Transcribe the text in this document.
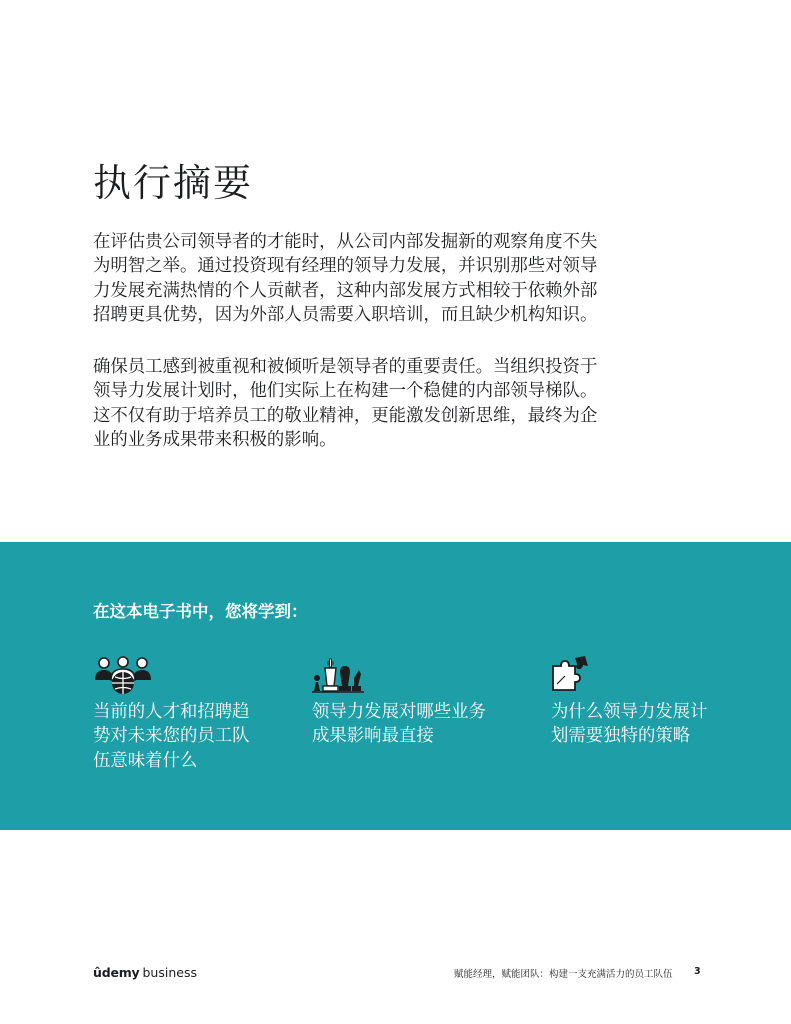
执行摘要

在评估贵公司领导者的才能时，从公司内部发掘新的观察角度不失为明智之举。通过投资现有经理的领导力发展，并识别那些对领导力发展充满热情的个人贡献者，这种内部发展方式相较于依赖外部招聘更具优势，因为外部人员需要入职培训，而且缺少机构知识。

确保员工感到被重视和被倾听是领导者的重要责任。当组织投资于领导力发展计划时，他们实际上在构建一个稳健的内部领导梯队。这不仅有助于培养员工的敬业精神，更能激发创新思维，最终为企业的业务成果带来积极的影响。

在这本电子书中，您将学到：
当前的人才和招聘趋势对未来您的员工队伍意味着什么
领导力发展对哪些业务成果影响最直接
为什么领导力发展计划需要独特的策略
ûdemy business	赋能经理，赋能团队：构建一支充满活力的员工队伍 3
